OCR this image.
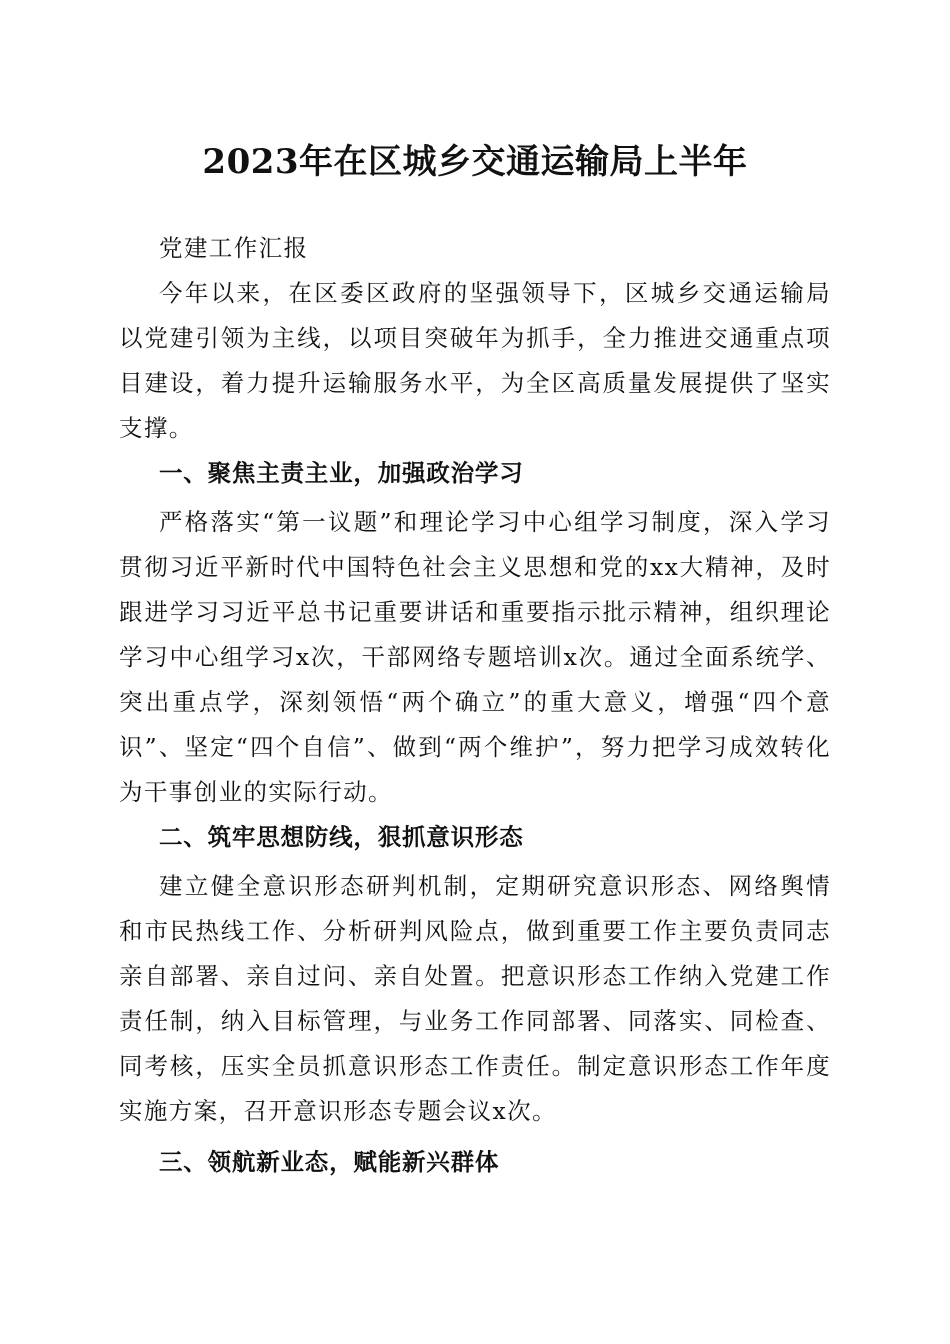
2023年在区城乡交通运输局上半年

党建工作汇报

今年以来，在区委区政府的坚强领导下，区城乡交通运输局以党建引领为主线，以项目突破年为抓手，全力推进交通重点项目建设，着力提升运输服务水平，为全区高质量发展提供了坚实支撑。

一、聚焦主责主业，加强政治学习

严格落实“第一议题”和理论学习中心组学习制度，深入学习贯彻习近平新时代中国特色社会主义思想和党的xx大精神，及时跟进学习习近平总书记重要讲话和重要指示批示精神，组织理论学习中心组学习x次，干部网络专题培训x次。通过全面系统学、突出重点学，深刻领悟“两个确立”的重大意义，增强“四个意识”、坚定“四个自信”、做到“两个维护”，努力把学习成效转化为干事创业的实际行动。

二、筑牢思想防线，狠抓意识形态

建立健全意识形态研判机制，定期研究意识形态、网络舆情和市民热线工作、分析研判风险点，做到重要工作主要负责同志亲自部署、亲自过问、亲自处置。把意识形态工作纳入党建工作责任制，纳入目标管理，与业务工作同部署、同落实、同检查、同考核，压实全员抓意识形态工作责任。制定意识形态工作年度实施方案，召开意识形态专题会议x次。

三、领航新业态，赋能新兴群体
